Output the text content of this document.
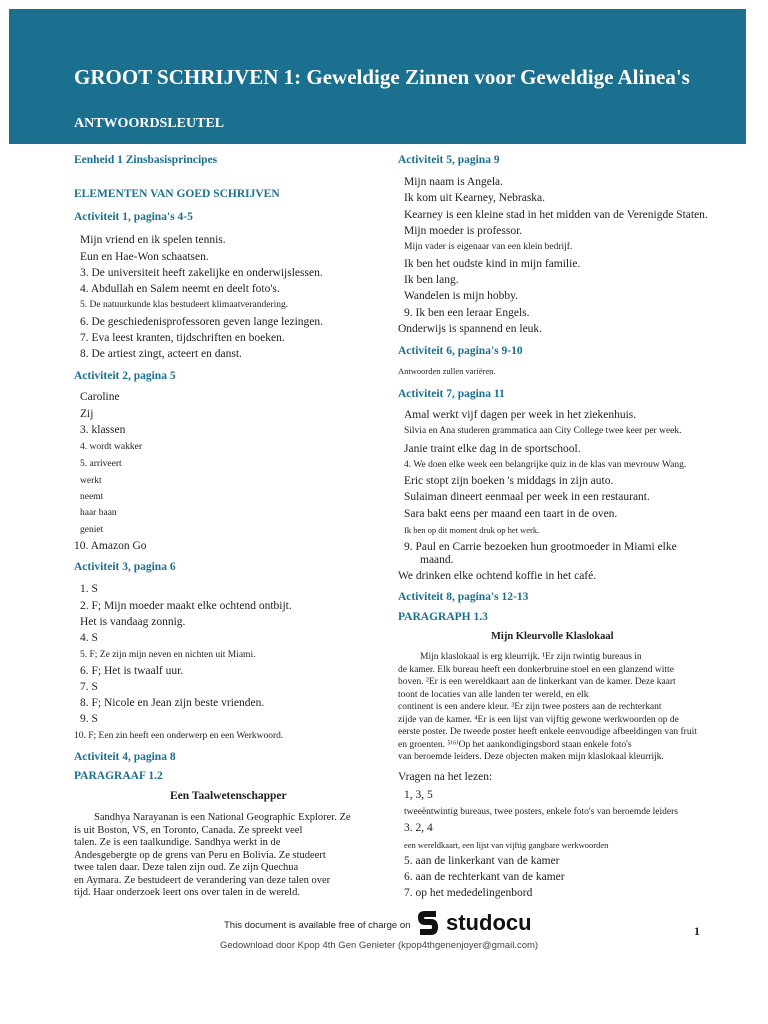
GROOT SCHRIJVEN 1: Geweldige Zinnen voor Geweldige Alinea's
ANTWOORDSLEUTEL
Eenheid 1 Zinsbasisprincipes
ELEMENTEN VAN GOED SCHRIJVEN
Activiteit 1, pagina's 4-5
Mijn vriend en ik spelen tennis.
Eun en Hae-Won schaatsen.
3. De universiteit heeft zakelijke en onderwijslessen.
4. Abdullah en Salem neemt en deelt foto's.
5. De natuurkunde klas bestudeert klimaatverandering.
6. De geschiedenisprofessoren geven lange lezingen.
7. Eva leest kranten, tijdschriften en boeken.
8. De artiest zingt, acteert en danst.
Activiteit 2, pagina 5
Caroline
Zij
3. klassen
4. wordt wakker
5. arriveert
werkt
neemt
haar baan
geniet
10. Amazon Go
Activiteit 3, pagina 6
1. S
2. F; Mijn moeder maakt elke ochtend ontbijt.
Het is vandaag zonnig.
4. S
5. F; Ze zijn mijn neven en nichten uit Miami.
6. F; Het is twaalf uur.
7. S
8. F; Nicole en Jean zijn beste vrienden.
9. S
10. F; Een zin heeft een onderwerp en een Werkwoord.
Activiteit 4, pagina 8
PARAGRAAF 1.2
Een Taalwetenschapper
Sandhya Narayanan is een National Geographic Explorer. Ze
is uit Boston, VS, en Toronto, Canada. Ze spreekt veel
talen. Ze is een taalkundige. Sandhya werkt in de
Andesgebergte op de grens van Peru en Bolivia. Ze studeert
twee talen daar. Deze talen zijn oud. Ze zijn Quechua
en Aymara. Ze bestudeert de verandering van deze talen over
tijd. Haar onderzoek leert ons over talen in de wereld.
Activiteit 5, pagina 9
Mijn naam is Angela.
Ik kom uit Kearney, Nebraska.
Kearney is een kleine stad in het midden van de Verenigde Staten.
Mijn moeder is professor.
Mijn vader is eigenaar van een klein bedrijf.
Ik ben het oudste kind in mijn familie.
Ik ben lang.
Wandelen is mijn hobby.
9. Ik ben een leraar Engels.
Onderwijs is spannend en leuk.
Activiteit 6, pagina's 9-10
Antwoorden zullen variëren.
Activiteit 7, pagina 11
Amal werkt vijf dagen per week in het ziekenhuis.
Silvia en Ana studeren grammatica aan City College twee keer per week.
Janie traint elke dag in de sportschool.
4. We doen elke week een belangrijke quiz in de klas van mevrouw Wang.
Eric stopt zijn boeken 's middags in zijn auto.
Sulaiman dineert eenmaal per week in een restaurant.
Sara bakt eens per maand een taart in de oven.
Ik ben op dit moment druk op het werk.
9. Paul en Carrie bezoeken hun grootmoeder in Miami elke
maand.
We drinken elke ochtend koffie in het café.
Activiteit 8, pagina's 12-13
PARAGRAPH 1.3
Mijn Kleurvolle Klaslokaal
Mijn klaslokaal is erg kleurrijk. ¹Er zijn twintig bureaus in
de kamer. Elk bureau heeft een donkerbruine stoel en een glanzend witte
boven. ²Er is een wereldkaart aan de linkerkant van de kamer. Deze kaart
toont de locaties van alle landen ter wereld, en elk
continent is een andere kleur. ³Er zijn twee posters aan de rechterkant
zijde van de kamer. ⁴Er is een lijst van vijftig gewone werkwoorden op de
eerste poster. De tweede poster heeft enkele eenvoudige afbeeldingen van fruit
en groenten. ⁵⁽⁶⁾Op het aankondigingsbord staan enkele foto's
van beroemde leiders. Deze objecten maken mijn klaslokaal kleurrijk.
Vragen na het lezen:
1, 3, 5
tweeëntwintig bureaus, twee posters, enkele foto's van beroemde leiders
3. 2, 4
een wereldkaart, een lijst van vijftig gangbare werkwoorden
5. aan de linkerkant van de kamer
6. aan de rechterkant van de kamer
7. op het mededelingenbord
This document is available free of charge on studocu
Gedownload door Kpop 4th Gen Genieter (kpop4thgenenjoyer@gmail.com)
1
